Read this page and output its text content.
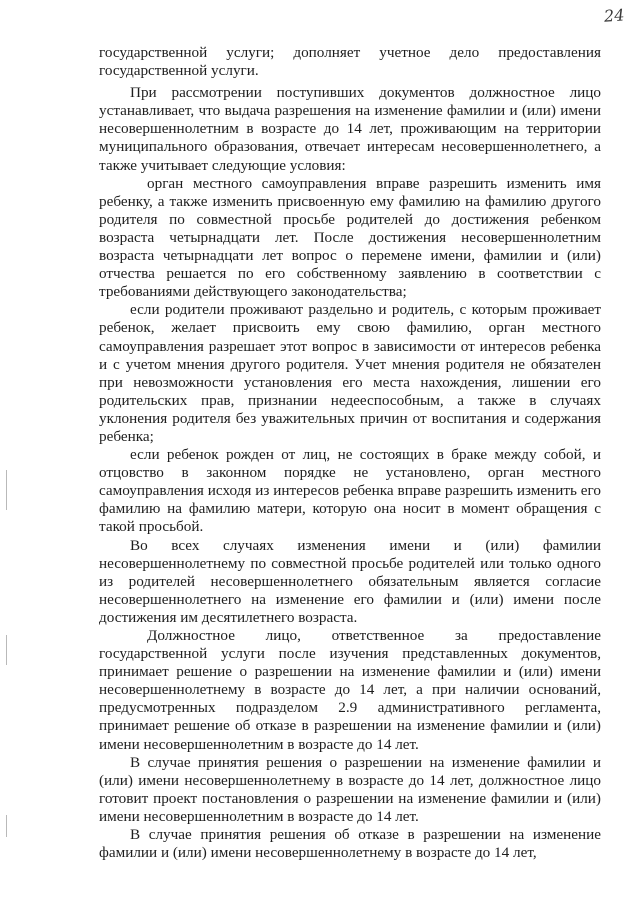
24

государственной услуги; дополняет учетное дело предоставления государственной услуги.

При рассмотрении поступивших документов должностное лицо устанавливает, что выдача разрешения на изменение фамилии и (или) имени несовершеннолетним в возрасте до 14 лет, проживающим на территории муниципального образования, отвечает интересам несовершеннолетнего, а также учитывает следующие условия:

орган местного самоуправления вправе разрешить изменить имя ребенку, а также изменить присвоенную ему фамилию на фамилию другого родителя по совместной просьбе родителей до достижения ребенком возраста четырнадцати лет. После достижения несовершеннолетним возраста четырнадцати лет вопрос о перемене имени, фамилии и (или) отчества решается по его собственному заявлению в соответствии с требованиями действующего законодательства;

если родители проживают раздельно и родитель, с которым проживает ребенок, желает присвоить ему свою фамилию, орган местного самоуправления разрешает этот вопрос в зависимости от интересов ребенка и с учетом мнения другого родителя. Учет мнения родителя не обязателен при невозможности установления его места нахождения, лишении его родительских прав, признании недееспособным, а также в случаях уклонения родителя без уважительных причин от воспитания и содержания ребенка;

если ребенок рожден от лиц, не состоящих в браке между собой, и отцовство в законном порядке не установлено, орган местного самоуправления исходя из интересов ребенка вправе разрешить изменить его фамилию на фамилию матери, которую она носит в момент обращения с такой просьбой.

Во всех случаях изменения имени и (или) фамилии несовершеннолетнему по совместной просьбе родителей или только одного из родителей несовершеннолетнего обязательным является согласие несовершеннолетнего на изменение его фамилии и (или) имени после достижения им десятилетнего возраста.

Должностное лицо, ответственное за предоставление государственной услуги после изучения представленных документов, принимает решение о разрешении на изменение фамилии и (или) имени несовершеннолетнему в возрасте до 14 лет, а при наличии оснований, предусмотренных подразделом 2.9 административного регламента, принимает решение об отказе в разрешении на изменение фамилии и (или) имени несовершеннолетним в возрасте до 14 лет.

В случае принятия решения о разрешении на изменение фамилии и (или) имени несовершеннолетнему в возрасте до 14 лет, должностное лицо готовит проект постановления о разрешении на изменение фамилии и (или) имени несовершеннолетним в возрасте до 14 лет.

В случае принятия решения об отказе в разрешении на изменение фамилии и (или) имени несовершеннолетнему в возрасте до 14 лет,
